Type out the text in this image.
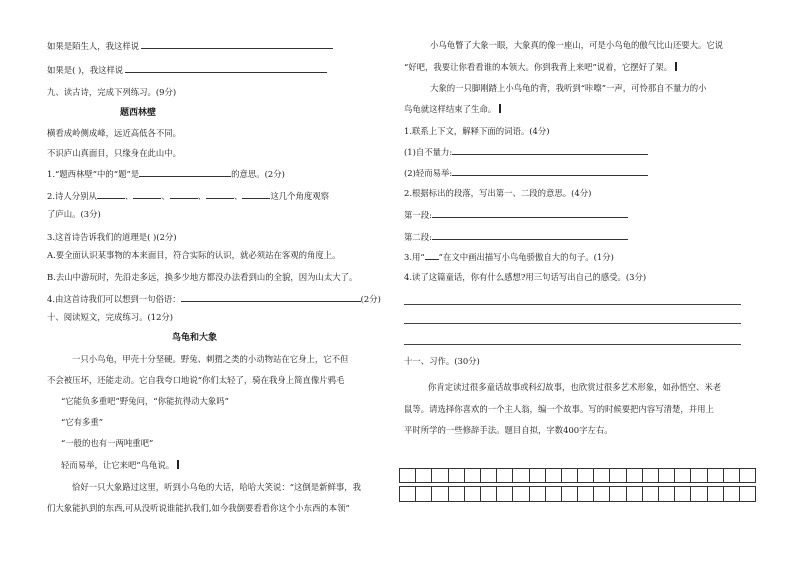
如果是陌生人，我这样说
如果是( )，我这样说
九、读古诗，完成下列练习。(9分)
题西林壁
横看成岭侧成峰，远近高低各不同。
不识庐山真面目，只缘身在此山中。
1.“题西林壁”中的“题”是	的意思。(2分)
2.诗人分别从	、	、	、	、	这几个角度观察
了庐山。(3分)
3.这首诗告诉我们的道理是( )(2分)
A.要全面认识某事物的本来面目，符合实际的认识，就必须站在客观的角度上。
B.去山中游玩时，先沿走多远，换多少地方都没办法看到山的全貌，因为山太大了。
4.由这首诗我们可以想到一句俗语：	(2分)
十、阅读短文，完成练习。(12分)
鸟龟和大象
一只小鸟龟，甲壳十分坚硬。野兔、刺猬之类的小动物站在它身上，它不但
不会被压坏，还能走动。它自我夸口地说“你们太轻了，骑在我身上简直像片鸦毛
“它能负多重吧”野兔问，“你能抗得动大象吗”
“它有多重”
“一般的也有一两吨重吧”
轻而易举，让它来吧”鸟龟说。
恰好一只大象路过这里，听到小乌龟的大话，哈哈大笑说：“这倒是新鲜事，我
们大象能扒到的东西,可从没听说谁能扒我们,如今我倒要看看你这个小东西的本领”
小乌龟瞥了大象一眼，大象真的像一座山，可是小鸟龟的傲气比山还要大。它说
“好吧，我要让你看看谁的本领大。你到我背上来吧”说着，它摆好了架。
大象的一只脚刚踏上小鸟龟的背，我听到“咔嚓”一声，可怜那自不量力的小
鸟龟就这样结束了生命。
1.联系上下文，解释下面的词语。(4分)
(1)自不量力:
(2)轻而易举:
2.根据标出的段落，写出第一、二段的意思。(4分)
第一段:
第二段:
3.用“ ”在文中画出描写小鸟龟骄傲自大的句子。(1分)
4.读了这篇童话，你有什么感想?用三句话写出自己的感受。(3分)
十一、习作。(30分)
你肯定读过很多童话故事或科幻故事，也欣赏过很多艺术形象，如孙悟空、米老
鼠等。请选择你喜欢的一个主人翁，编一个故事。写的时候要把内容写清楚，并用上
平时所学的一些修辞手法。题目自拟，字数400字左右。
